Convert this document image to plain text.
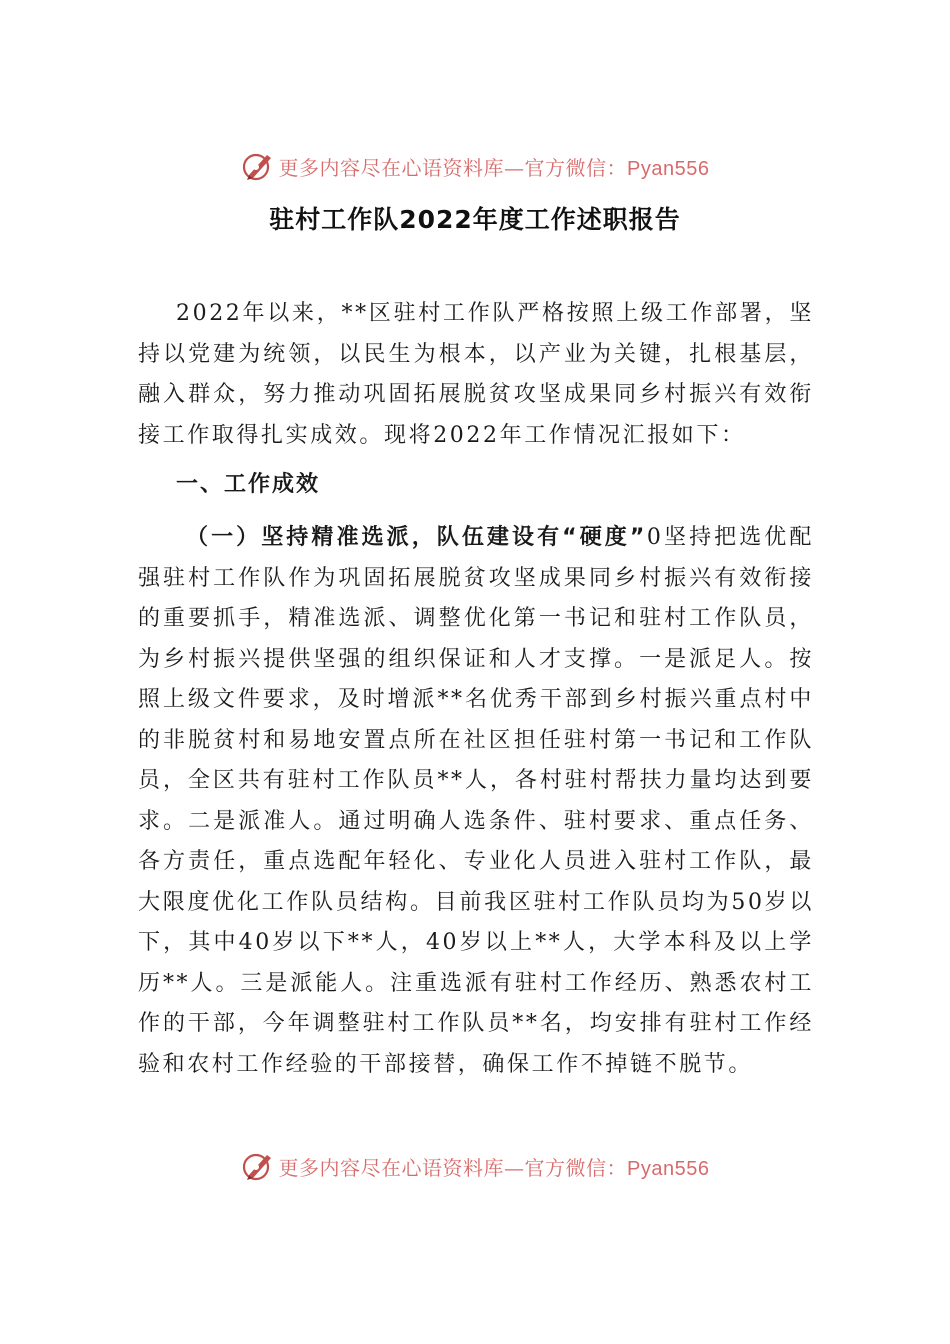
更多内容尽在心语资料库—官方微信：Pyan556
驻村工作队2022年度工作述职报告
2022年以来，**区驻村工作队严格按照上级工作部署，坚持以党建为统领，以民生为根本，以产业为关键，扎根基层，融入群众，努力推动巩固拓展脱贫攻坚成果同乡村振兴有效衔接工作取得扎实成效。现将2022年工作情况汇报如下：
一、工作成效
（一）坚持精准选派，队伍建设有“硬度”0坚持把选优配强驻村工作队作为巩固拓展脱贫攻坚成果同乡村振兴有效衔接的重要抓手，精准选派、调整优化第一书记和驻村工作队员，为乡村振兴提供坚强的组织保证和人才支撑。一是派足人。按照上级文件要求，及时增派**名优秀干部到乡村振兴重点村中的非脱贫村和易地安置点所在社区担任驻村第一书记和工作队员，全区共有驻村工作队员**人，各村驻村帮扶力量均达到要求。二是派准人。通过明确人选条件、驻村要求、重点任务、各方责任，重点选配年轻化、专业化人员进入驻村工作队，最大限度优化工作队员结构。目前我区驻村工作队员均为50岁以下，其中40岁以下**人，40岁以上**人，大学本科及以上学历**人。三是派能人。注重选派有驻村工作经历、熟悉农村工作的干部，今年调整驻村工作队员**名，均安排有驻村工作经验和农村工作经验的干部接替，确保工作不掉链不脱节。
更多内容尽在心语资料库—官方微信：Pyan556
